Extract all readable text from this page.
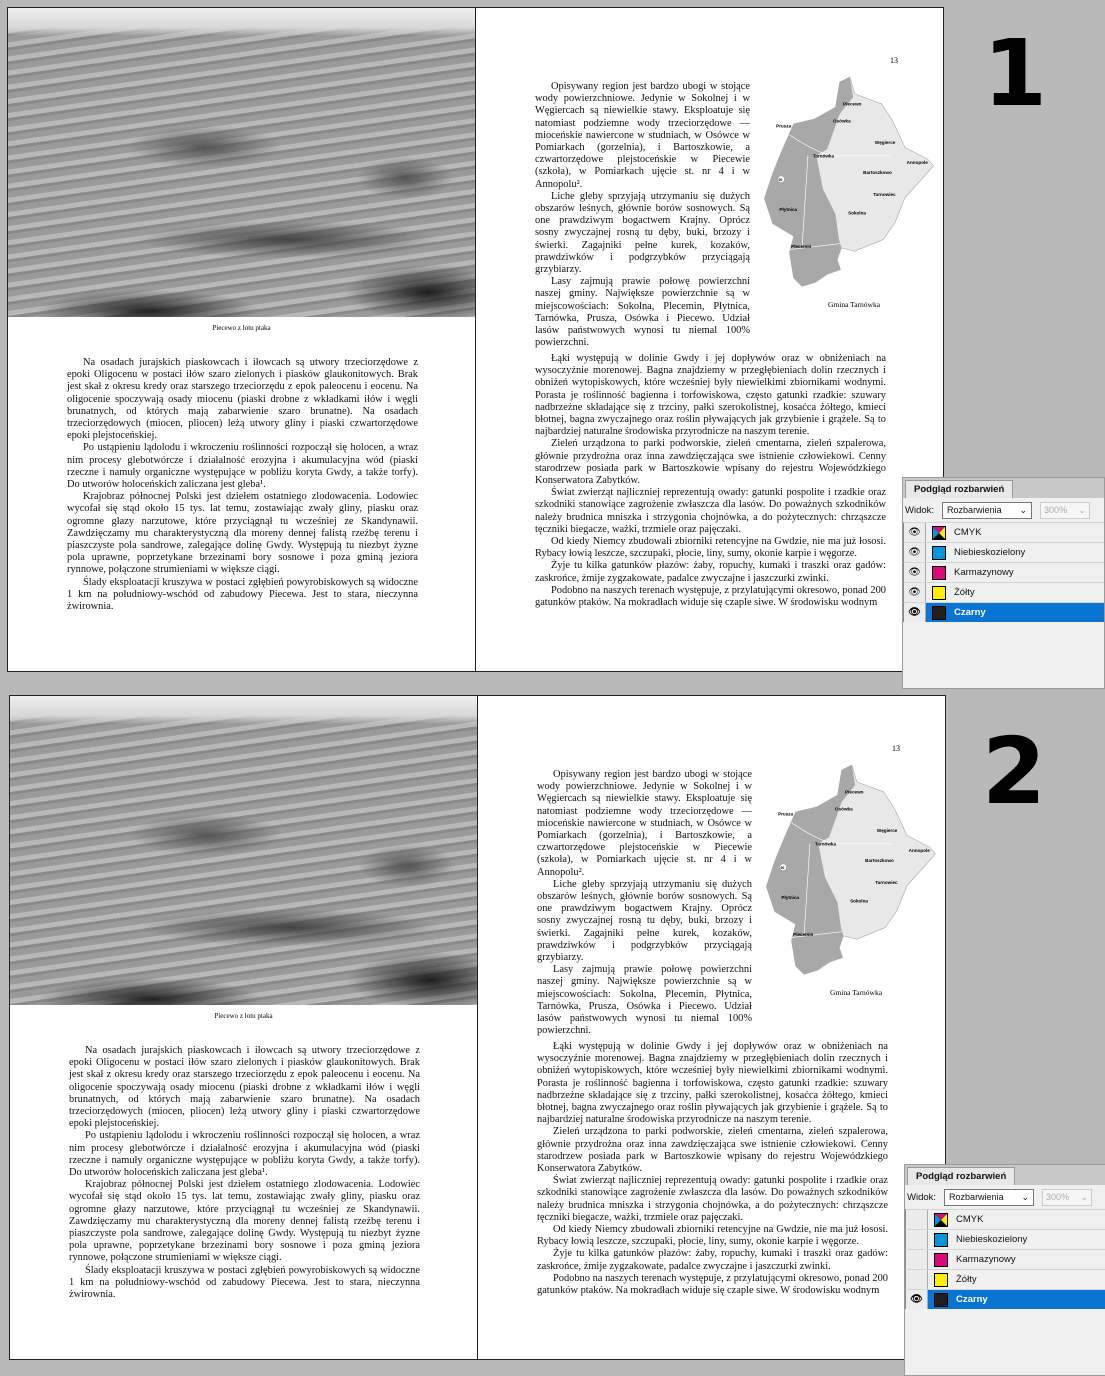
Piecewo z lotu ptaka

Na osadach jurajskich piaskowcach i iłowcach są utwory trzeciorzędowe z epoki Oligocenu w postaci iłów szaro zielonych i piasków glaukonitowych. Brak jest skał z okresu kredy oraz starszego trzeciorzędu z epok paleocenu i eocenu. Na oligocenie spoczywają osady miocenu (piaski drobne z wkładkami iłów i węgli brunatnych, od których mają zabarwienie szaro brunatne). Na osadach trzeciorzędowych (miocen, pliocen) leżą utwory gliny i piaski czwartorzędowe epoki plejstoceńskiej.

Po ustąpieniu lądolodu i wkroczeniu roślinności rozpoczął się holocen, a wraz nim procesy glebotwórcze i działalność erozyjna i akumulacyjna wód (piaski rzeczne i namuły organiczne występujące w pobliżu koryta Gwdy, a także torfy). Do utworów holoceńskich zaliczana jest gleba¹.

Krajobraz północnej Polski jest dziełem ostatniego zlodowacenia. Lodowiec wycofał się stąd około 15 tys. lat temu, zostawiając zwały gliny, piasku oraz ogromne głazy narzutowe, które przyciągnął tu wcześniej ze Skandynawii. Zawdzięczamy mu charakterystyczną dla moreny dennej falistą rzeźbę terenu i piaszczyste pola sandrowe, zalegające dolinę Gwdy. Występują tu niezbyt żyzne pola uprawne, poprzetykane brzezinami bory sosnowe i poza gminą jeziora rynnowe, połączone strumieniami w większe ciągi.

Ślady eksploatacji kruszywa w postaci zgłębień powyrobiskowych są widoczne 1 km na południowy-wschód od zabudowy Piecewa. Jest to stara, nieczynna żwirownia.

13
90
Piecewo
Osówka
Prusza
Węgierce
Tarnówka
Bartoszkowo
Annopole
Tarnowiec
Płytnica
Sokolna
Plecemin
Gmina Tarnówka

Opisywany region jest bardzo ubogi w stojące wody powierzchniowe. Jedynie w Sokolnej i w Węgiercach są niewielkie stawy. Eksploatuje się natomiast podziemne wody trzeciorzędowe — mioceńskie nawiercone w studniach, w Osówce w Pomiarkach (gorzelnia), i Bartoszkowie, a czwartorzędowe plejstoceńskie w Piecewie (szkoła), w Pomiarkach ujęcie st. nr 4 i w Annopolu².

Liche gleby sprzyjają utrzymaniu się dużych obszarów leśnych, głównie borów sosnowych. Są one prawdziwym bogactwem Krajny. Oprócz sosny zwyczajnej rosną tu dęby, buki, brzozy i świerki. Zagajniki pełne kurek, kozaków, prawdziwków i podgrzybków przyciągają grzybiarzy.

Lasy zajmują prawie połowę powierzchni naszej gminy. Największe powierzchnie są w miejscowościach: Sokolna, Plecemin, Płytnica, Tarnówka, Prusza, Osówka i Piecewo. Udział lasów państwowych wynosi tu niemal 100% powierzchni.

Łąki występują w dolinie Gwdy i jej dopływów oraz w obniżeniach na wysoczyźnie morenowej. Bagna znajdziemy w przegłębieniach dolin rzecznych i obniżeń wytopiskowych, które wcześniej były niewielkimi zbiornikami wodnymi. Porasta je roślinność bagienna i torfowiskowa, często gatunki rzadkie: szuwary nadbrzeżne składające się z trzciny, pałki szerokolistnej, kosaćca żółtego, kmieci błotnej, bagna zwyczajnego oraz roślin pływających jak grzybienie i grążele. Są to najbardziej naturalne środowiska przyrodnicze na naszym terenie.

Zieleń urządzona to parki podworskie, zieleń cmentarna, zieleń szpalerowa, głównie przydrożna oraz inna zawdzięczająca swe istnienie człowiekowi. Cenny starodrzew posiada park w Bartoszkowie wpisany do rejestru Wojewódzkiego Konserwatora Zabytków.

Świat zwierząt najliczniej reprezentują owady: gatunki pospolite i rzadkie oraz szkodniki stanowiące zagrożenie zwłaszcza dla lasów. Do poważnych szkodników należy brudnica mniszka i strzygonia chojnówka, a do pożytecznych: chrząszcze tęczniki biegacze, ważki, trzmiele oraz pajęczaki.

Od kiedy Niemcy zbudowali zbiorniki retencyjne na Gwdzie, nie ma już łososi. Rybacy łowią leszcze, szczupaki, płocie, liny, sumy, okonie karpie i węgorze.

Żyje tu kilka gatunków płazów: żaby, ropuchy, kumaki i traszki oraz gadów: zaskrońce, żmije zygzakowate, padalce zwyczajne i jaszczurki zwinki.

Podobno na naszych terenach występuje, z przylatującymi okresowo, ponad 200 gatunków ptaków. Na mokradłach widuje się czaple siwe. W środowisku wodnym

1
Podgląd rozbarwień
Widok: Rozbarwienia ⌄ 300% ⌄
👁	CMYK
👁	Niebieskozielony
👁	Karmazynowy
👁	Żółty
👁	Czarny
Piecewo z lotu ptaka

Na osadach jurajskich piaskowcach i iłowcach są utwory trzeciorzędowe z epoki Oligocenu w postaci iłów szaro zielonych i piasków glaukonitowych. Brak jest skał z okresu kredy oraz starszego trzeciorzędu z epok paleocenu i eocenu. Na oligocenie spoczywają osady miocenu (piaski drobne z wkładkami iłów i węgli brunatnych, od których mają zabarwienie szaro brunatne). Na osadach trzeciorzędowych (miocen, pliocen) leżą utwory gliny i piaski czwartorzędowe epoki plejstoceńskiej.

Po ustąpieniu lądolodu i wkroczeniu roślinności rozpoczął się holocen, a wraz nim procesy glebotwórcze i działalność erozyjna i akumulacyjna wód (piaski rzeczne i namuły organiczne występujące w pobliżu koryta Gwdy, a także torfy). Do utworów holoceńskich zaliczana jest gleba¹.

Krajobraz północnej Polski jest dziełem ostatniego zlodowacenia. Lodowiec wycofał się stąd około 15 tys. lat temu, zostawiając zwały gliny, piasku oraz ogromne głazy narzutowe, które przyciągnął tu wcześniej ze Skandynawii. Zawdzięczamy mu charakterystyczną dla moreny dennej falistą rzeźbę terenu i piaszczyste pola sandrowe, zalegające dolinę Gwdy. Występują tu niezbyt żyzne pola uprawne, poprzetykane brzezinami bory sosnowe i poza gminą jeziora rynnowe, połączone strumieniami w większe ciągi.

Ślady eksploatacji kruszywa w postaci zgłębień powyrobiskowych są widoczne 1 km na południowy-wschód od zabudowy Piecewa. Jest to stara, nieczynna żwirownia.

13
90
Piecewo
Osówka
Prusza
Węgierce
Tarnówka
Bartoszkowo
Annopole
Tarnowiec
Płytnica
Sokolna
Plecemin
Gmina Tarnówka

Opisywany region jest bardzo ubogi w stojące wody powierzchniowe. Jedynie w Sokolnej i w Węgiercach są niewielkie stawy. Eksploatuje się natomiast podziemne wody trzeciorzędowe — mioceńskie nawiercone w studniach, w Osówce w Pomiarkach (gorzelnia), i Bartoszkowie, a czwartorzędowe plejstoceńskie w Piecewie (szkoła), w Pomiarkach ujęcie st. nr 4 i w Annopolu².

Liche gleby sprzyjają utrzymaniu się dużych obszarów leśnych, głównie borów sosnowych. Są one prawdziwym bogactwem Krajny. Oprócz sosny zwyczajnej rosną tu dęby, buki, brzozy i świerki. Zagajniki pełne kurek, kozaków, prawdziwków i podgrzybków przyciągają grzybiarzy.

Lasy zajmują prawie połowę powierzchni naszej gminy. Największe powierzchnie są w miejscowościach: Sokolna, Plecemin, Płytnica, Tarnówka, Prusza, Osówka i Piecewo. Udział lasów państwowych wynosi tu niemal 100% powierzchni.

Łąki występują w dolinie Gwdy i jej dopływów oraz w obniżeniach na wysoczyźnie morenowej. Bagna znajdziemy w przegłębieniach dolin rzecznych i obniżeń wytopiskowych, które wcześniej były niewielkimi zbiornikami wodnymi. Porasta je roślinność bagienna i torfowiskowa, często gatunki rzadkie: szuwary nadbrzeżne składające się z trzciny, pałki szerokolistnej, kosaćca żółtego, kmieci błotnej, bagna zwyczajnego oraz roślin pływających jak grzybienie i grążele. Są to najbardziej naturalne środowiska przyrodnicze na naszym terenie.

Zieleń urządzona to parki podworskie, zieleń cmentarna, zieleń szpalerowa, głównie przydrożna oraz inna zawdzięczająca swe istnienie człowiekowi. Cenny starodrzew posiada park w Bartoszkowie wpisany do rejestru Wojewódzkiego Konserwatora Zabytków.

Świat zwierząt najliczniej reprezentują owady: gatunki pospolite i rzadkie oraz szkodniki stanowiące zagrożenie zwłaszcza dla lasów. Do poważnych szkodników należy brudnica mniszka i strzygonia chojnówka, a do pożytecznych: chrząszcze tęczniki biegacze, ważki, trzmiele oraz pajęczaki.

Od kiedy Niemcy zbudowali zbiorniki retencyjne na Gwdzie, nie ma już łososi. Rybacy łowią leszcze, szczupaki, płocie, liny, sumy, okonie karpie i węgorze.

Żyje tu kilka gatunków płazów: żaby, ropuchy, kumaki i traszki oraz gadów: zaskrońce, żmije zygzakowate, padalce zwyczajne i jaszczurki zwinki.

Podobno na naszych terenach występuje, z przylatującymi okresowo, ponad 200 gatunków ptaków. Na mokradłach widuje się czaple siwe. W środowisku wodnym

2
Podgląd rozbarwień
Widok: Rozbarwienia ⌄ 300% ⌄
CMYK
Niebieskozielony
Karmazynowy
Żółty
👁	Czarny
